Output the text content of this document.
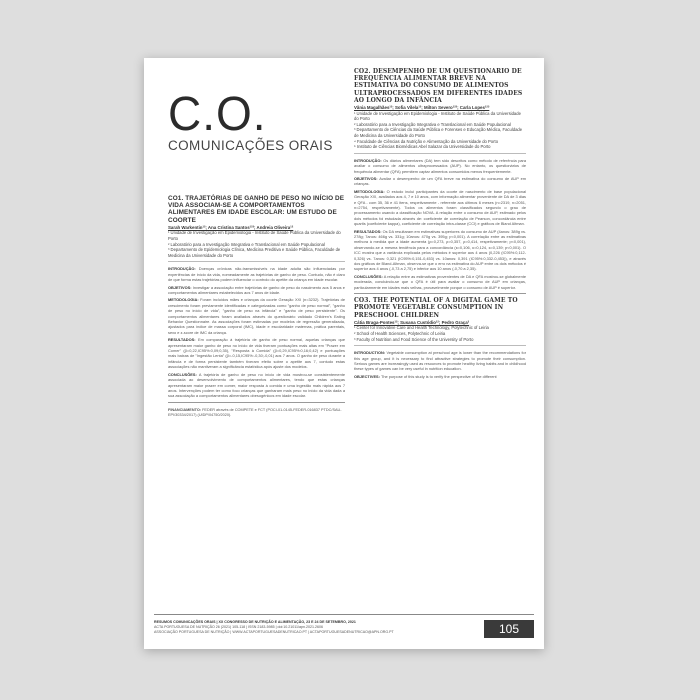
C.O.
COMUNICAÇÕES ORAIS
CO1. TRAJETÓRIAS DE GANHO DE PESO NO INÍCIO DE VIDA ASSOCIAM-SE A COMPORTAMENTOS ALIMENTARES EM IDADE ESCOLAR: UM ESTUDO DE COORTE
Sarah Warkentin¹²; Ana Cristina Santos¹²³; Andreia Oliveira¹²
¹ Unidade de Investigação em Epidemiologia - Instituto de Saúde Pública da Universidade do Porto
² Laboratório para a Investigação Integrativa e Translacional em Saúde Populacional
³ Departamento de Epidemiologia Clínica, Medicina Preditiva e Saúde Pública, Faculdade de Medicina da Universidade do Porto

INTRODUÇÃO: Doenças crônicas não-transmissíveis na idade adulta são influenciadas por experiências de início da vida, nomeadamente as trajetórias de ganho de peso. Contudo, não é claro de que forma estas trajetórias podem influenciar o controlo do apetite da criança em idade escolar.

OBJETIVOS: Investigar a associação entre trajetórias de ganho de peso do nascimento aos 5 anos e comportamentos alimentares estabelecidos aos 7 anos de idade.

METODOLOGIA: Foram incluídos mães e crianças da coorte Geração XXI (n=3232). Trajetórias de crescimento foram previamente identificadas e categorizadas como "ganho de peso normal", "ganho de peso no início de vida", "ganho de peso na infância" e "ganho de peso persistente". Os comportamentos alimentares foram avaliados através do questionário validado Children's Eating Behavior Questionnaire. As associações foram estimadas por modelos de regressão generalizada, ajustados para índice de massa corporal (IMC), idade e escolaridade maternas, prática parentais, sexo e z-score de IMC da criança.

RESULTADOS: Em comparação à trajetória de ganho de peso normal, aquelas crianças que apresentaram maior ganho de peso no início de vida tiveram pontuações mais altas em "Prazer em Comer" (β=0,22,IC95%:0,09;0,35), "Resposta à Comida" (β=0,29,IC95%:0,16;0,42) e pontuações mais baixas de "Ingestão Lenta" (β=-0,15,IC95%:-0,30;-0,01) aos 7 anos. O ganho de peso durante a infância e de forma persistente também tiveram efeito sobre o apetite aos 7, contudo estas associações não mantiveram a significância estatística após ajuste dos modelos.

CONCLUSÕES: A trajetória de ganho de peso no início de vida mostrou-se consistentemente associada ao desenvolvimento de comportamentos alimentares, tendo que estas crianças apresentaram maior prazer em comer, maior resposta à comida e uma ingestão mais rápida aos 7 anos. Intervenções podem ter como foco crianças que ganharam mais peso no início da vida dada a sua associação a comportamentos alimentares obesogénicos em idade escolar.

FINANCIAMENTO: FEDER através de COMPETE e FCT (POCI-01-0145-FEDER-016837 PTDC/SAU-EPI/30334/2017) (UIDP/04750/2020).
CO2. DESEMPENHO DE UM QUESTIONÁRIO DE FREQUÊNCIA ALIMENTAR BREVE NA ESTIMATIVA DO CONSUMO DE ALIMENTOS ULTRAPROCESSADOS EM DIFERENTES IDADES AO LONGO DA INFÂNCIA
Vânia Magalhães¹²; Sofia Vilela¹²; Milton Severo¹²³; Carla Lopes¹²³
¹ Unidade de Investigação em Epidemiologia - Instituto de Saúde Pública da Universidade do Porto
² Laboratório para a Investigação Integrativa e Translacional em Saúde Populacional
³ Departamento de Ciências da Saúde Pública e Forenses e Educação Médica, Faculdade de Medicina da Universidade do Porto
⁴ Faculdade de Ciências da Nutrição e Alimentação da Universidade do Porto
⁵ Instituto de Ciências Biomédicas Abel Salazar da Universidade do Porto

INTRODUÇÃO: Os diários alimentares (DA) tem sido descritos como método de referência para avaliar o consumo de alimentos ultraprocessados (AUP). No entanto, os questionários de frequência alimentar (QFA) permitem captar alimentos consumidos menos frequentemente.

OBJETIVOS: Avaliar o desempenho de um QFA breve na estimativa do consumo de AUP em crianças.

METODOLOGIA: O estudo inclui participantes da coorte de nascimento de base populacional Geração XXI, avaliados aos 4, 7 e 10 anos, com informação alimentar proveniente de DA de 3 dias e QFA - com 35, 36 e 41 itens, respetivamente - referente aos últimos 6 meses (n=2319, n=2051, n=2754, respetivamente). Todos os alimentos foram classificados segundo o grau de processamento usando a classificação NOVA. A relação entre o consumo de AUP, estimado pelos dois métodos foi estudada através de: coeficiente de correlação de Pearson, concordância entre quartis (coeficiente kappa), coeficiente de correlação intra-classe (CCI) e gráficos de Bland Altman.

RESULTADOS: Os DA resultaram em estimativas superiores do consumo de AUP (4anos: 389g vs. 278g; 7anos: 466g vs. 331g; 10anos: 470g vs. 395g; p<0,001). A correlação entre as estimativas melhora à medida que a idade aumenta (ρ=0,273, ρ=0,357, ρ=0,414, respetivamente; p<0,001), observando-se a mesma tendência para a concordância (κ=0,106, κ=0,124, κ=0,139; p<0,001). O ICC mostra que a variância explicada pelos métodos é superior aos 4 anos (0,226 (IC95%:0,112-0,326) vs. 7anos: 0,321 (IC95%:0,151-0,453) vs. 10anos: 0,391 (IC95%:0,332-0,453)), e através dos gráficos de Bland-Altman, observa-se que o erro na estimativa do AUP entre os dois métodos é superior aos 4 anos (-0,73 a 2,75) e inferior aos 10 anos (-0,70 a 2,35).

CONCLUSÕES: A relação entre as estimativas provenientes de DA e QFA mostrou-se globalmente moderada, concluindo-se que o QFA é útil para avaliar o consumo de AUP em crianças, particularmente em idades mais velhas, provavelmente porque o consumo de AUP é superior.

CO3. THE POTENTIAL OF A DIGITAL GAME TO PROMOTE VEGETABLE CONSUMPTION IN PRESCHOOL CHILDREN
Cátia Braga-Pontes¹²; Susana Custódio¹²; Pedro Graça³
¹ Center for Innovative Care and Health Technology, Polytechnic of Leiria
² School of Health Sciences, Polytechnic of Leiria
³ Faculty of Nutrition and Food Science of the University of Porto

INTRODUCTION: Vegetable consumption at preschool age is lower than the recommendations for this age group, and it is necessary to find attractive strategies to promote their consumption. Serious games are increasingly used as resources to promote healthy living habits and in childhood these types of games can be very useful in nutrition education.

OBJECTIVES: The purpose of this study is to verify the perspective of the different

RESUMOS COMUNICAÇÕES ORAIS | XX CONGRESSO DE NUTRIÇÃO E ALIMENTAÇÃO, 23 E 24 DE SETEMBRO, 2021
ACTA PORTUGUESA DE NUTRIÇÃO 26 (2021) 105-118 | ISSN 2183-5985 | doi:10.21011/apn.2021.2606
ASSOCIAÇÃO PORTUGUESA DE NUTRIÇÃO | WWW.ACTAPORTUGUESADENUTRICAO.PT | ACTAPORTUGUESADENUTRICAO@APN.ORG.PT	105
